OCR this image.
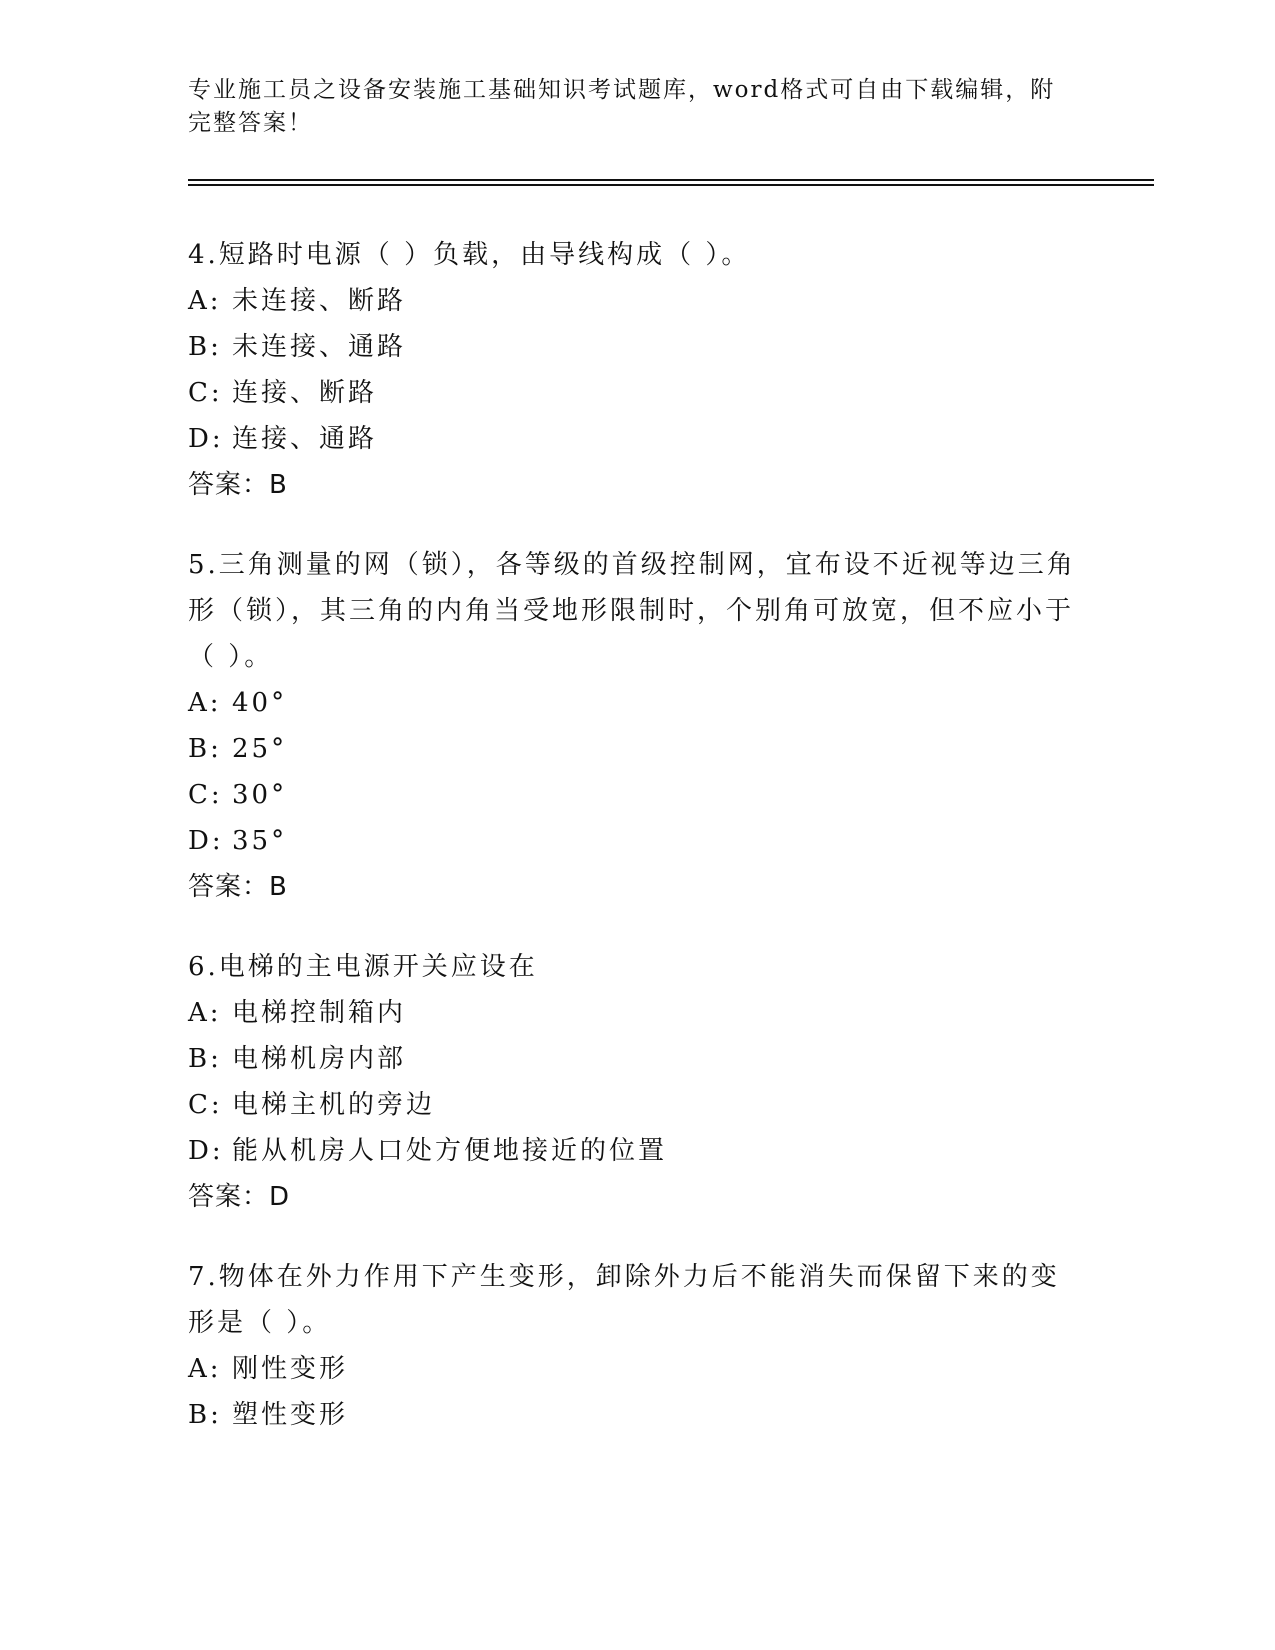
专业施工员之设备安装施工基础知识考试题库，word格式可自由下载编辑，附完整答案！
4.短路时电源（ ）负载，由导线构成（ ）。
A: 未连接、断路
B: 未连接、通路
C: 连接、断路
D: 连接、通路
答案：B
5.三角测量的网（锁），各等级的首级控制网，宜布设不近视等边三角形（锁），其三角的内角当受地形限制时，个别角可放宽，但不应小于（ ）。
A: 40°
B: 25°
C: 30°
D: 35°
答案：B
6.电梯的主电源开关应设在
A: 电梯控制箱内
B: 电梯机房内部
C: 电梯主机的旁边
D: 能从机房人口处方便地接近的位置
答案：D
7.物体在外力作用下产生变形，卸除外力后不能消失而保留下来的变形是（ ）。
A: 刚性变形
B: 塑性变形
